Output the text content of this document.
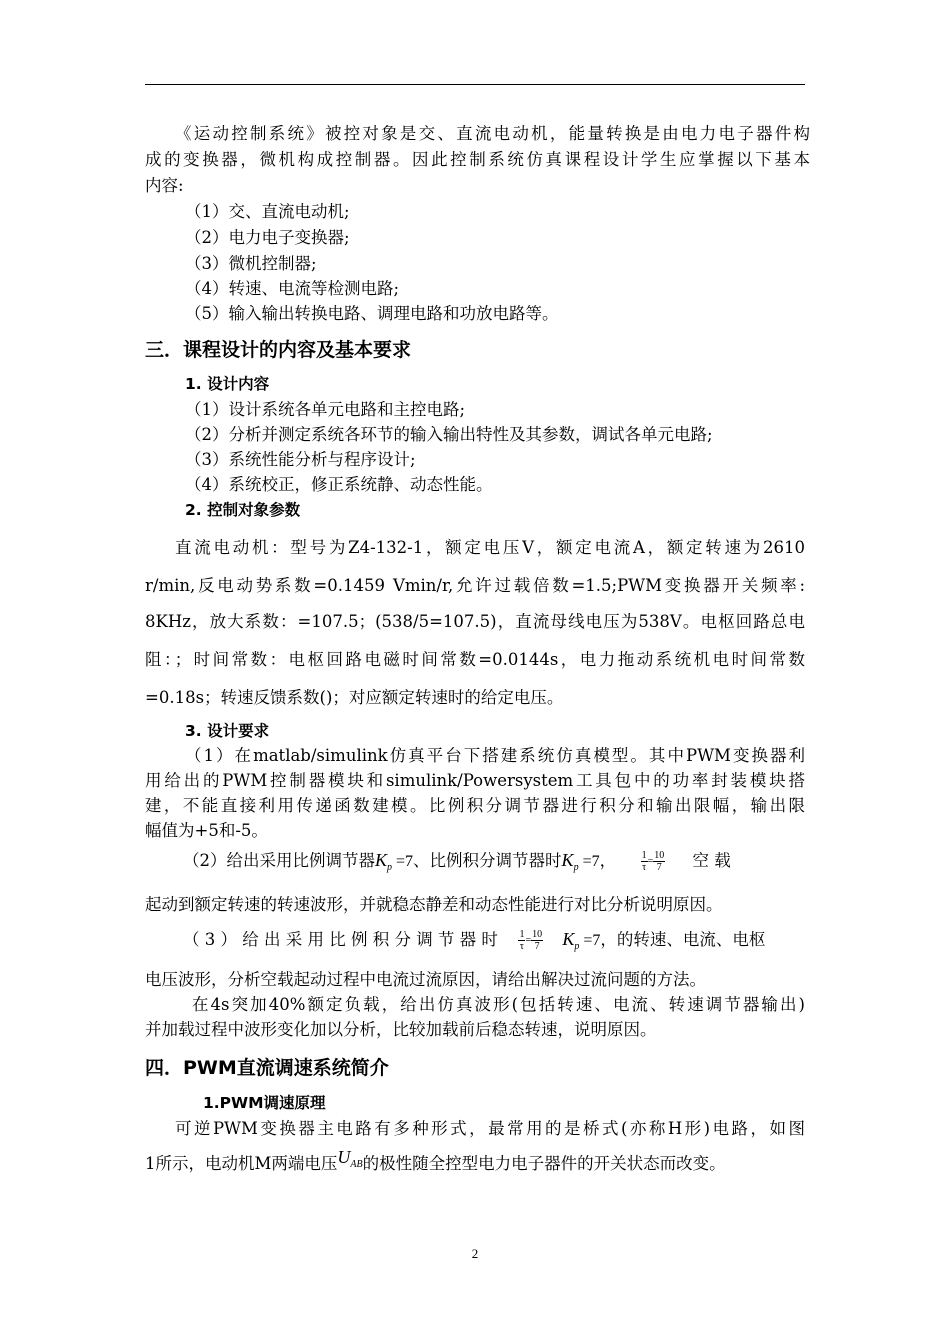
《运动控制系统》被控对象是交、直流电动机，能量转换是由电力电子器件构
成的变换器，微机构成控制器。因此控制系统仿真课程设计学生应掌握以下基本
内容:
（1）交、直流电动机;
（2）电力电子变换器;
（3）微机控制器;
（4）转速、电流等检测电路;
（5）输入输出转换电路、调理电路和功放电路等。
三．课程设计的内容及基本要求
1. 设计内容
（1）设计系统各单元电路和主控电路;
（2）分析并测定系统各环节的输入输出特性及其参数，调试各单元电路;
（3）系统性能分析与程序设计;
（4）系统校正，修正系统静、动态性能。
2. 控制对象参数
直流电动机：型号为Z4-132-1，额定电压V，额定电流A，额定转速为2610
r/min,反电动势系数=0.1459 Vmin/r,允许过载倍数=1.5;PWM变换器开关频率:
8KHz，放大系数：=107.5；(538/5=107.5)，直流母线电压为538V。电枢回路总电
阻：；时间常数：电枢回路电磁时间常数=0.0144s，电力拖动系统机电时间常数
=0.18s；转速反馈系数()；对应额定转速时的给定电压。
3. 设计要求
（1）在matlab/simulink仿真平台下搭建系统仿真模型。其中PWM变换器利
用给出的PWM控制器模块和simulink/Powersystem工具包中的功率封装模块搭
建，不能直接利用传递函数建模。比例积分调节器进行积分和输出限幅，输出限
幅值为+5和-5。
（2）给出采用比例调节器$K_p =7$、比例积分调节器时$K_p =7$， $\frac{1}{\tau} = \frac{10}{7}$ 空 载
起动到额定转速的转速波形，并就稳态静差和动态性能进行对比分析说明原因。
（ 3 ） 给 出 采 用 比 例 积 分 调 节 器 时 $\frac{1}{\tau} = \frac{10}{7} K_p =7$，的转速、电流、电枢
电压波形，分析空载起动过程中电流过流原因，请给出解决过流问题的方法。
在4s突加40%额定负载，给出仿真波形(包括转速、电流、转速调节器输出)
并加载过程中波形变化加以分析，比较加载前后稳态转速，说明原因。
四．PWM直流调速系统简介
1.PWM调速原理
可逆PWM变换器主电路有多种形式，最常用的是桥式(亦称H形)电路，如图
1所示，电动机M两端电压UAB的极性随全控型电力电子器件的开关状态而改变。
2
